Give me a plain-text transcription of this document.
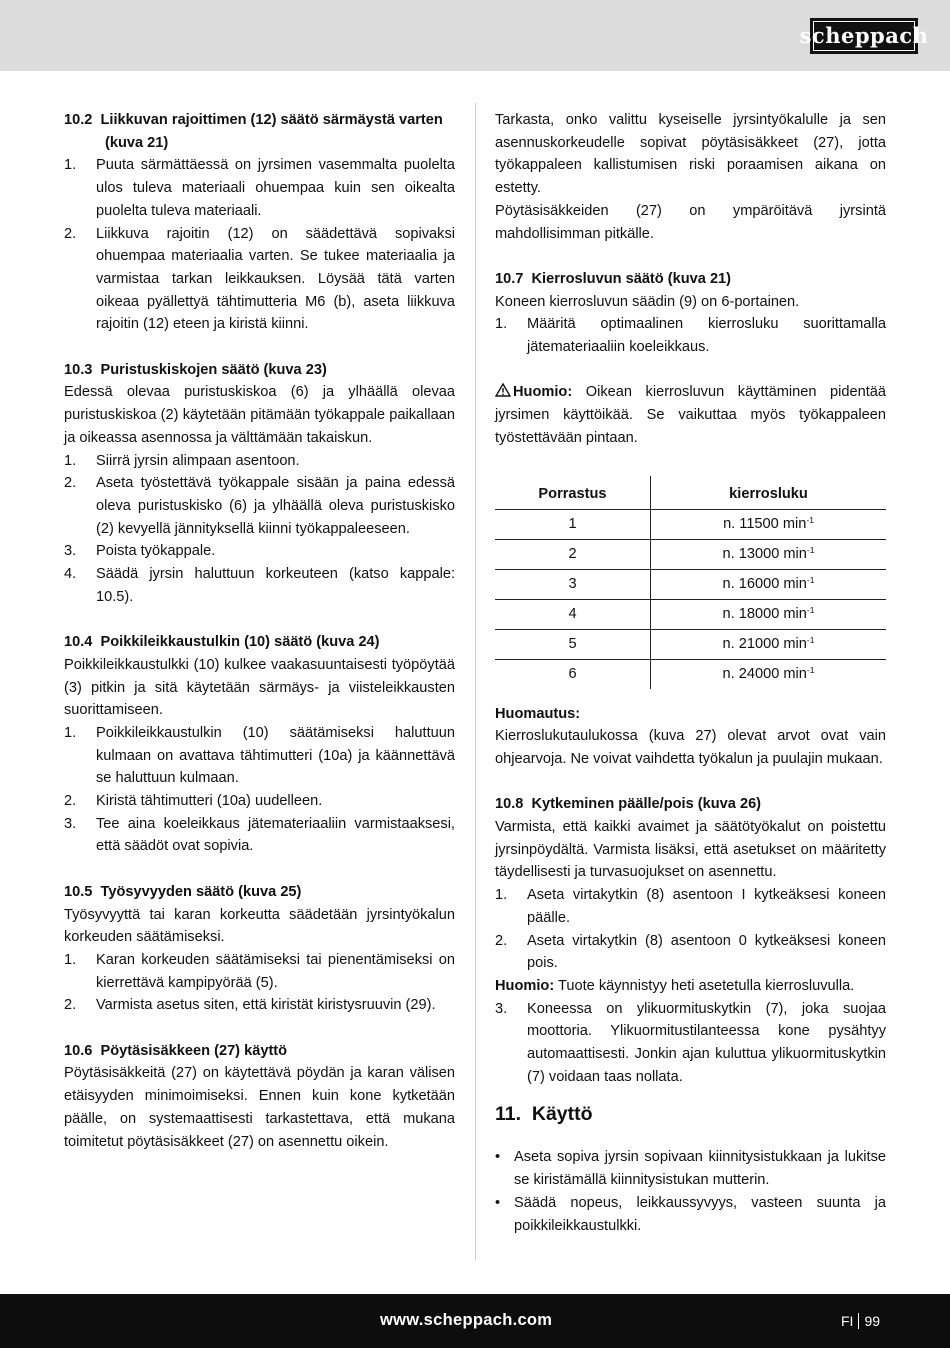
scheppach
10.2 Liikkuvan rajoittimen (12) säätö särmäystä varten (kuva 21)
1. Puuta särmättäessä on jyrsimen vasemmalta puolelta ulos tuleva materiaali ohuempaa kuin sen oikealta puolelta tuleva materiaali.
2. Liikkuva rajoitin (12) on säädettävä sopivaksi ohuempaa materiaalia varten. Se tukee materiaalia ja varmistaa tarkan leikkauksen. Löysää tätä varten oikeaa pyällettyä tähtimutteria M6 (b), aseta liikkuva rajoitin (12) eteen ja kiristä kiinni.
10.3 Puristuskiskojen säätö (kuva 23)

Edessä olevaa puristuskiskoa (6) ja ylhäällä olevaa puristuskiskoa (2) käytetään pitämään työkappale paikallaan ja oikeassa asennossa ja välttämään takaiskun.

1. Siirrä jyrsin alimpaan asentoon.
2. Aseta työstettävä työkappale sisään ja paina edessä oleva puristuskisko (6) ja ylhäällä oleva puristuskisko (2) kevyellä jännityksellä kiinni työkappaleeseen.
3. Poista työkappale.
4. Säädä jyrsin haluttuun korkeuteen (katso kappale: 10.5).
10.4 Poikkileikkaustulkin (10) säätö (kuva 24)

Poikkileikkaustulkki (10) kulkee vaakasuuntaisesti työpöytää (3) pitkin ja sitä käytetään särmäys- ja viisteleikkausten suorittamiseen.

1. Poikkileikkaustulkin (10) säätämiseksi haluttuun kulmaan on avattava tähtimutteri (10a) ja käännettävä se haluttuun kulmaan.
2. Kiristä tähtimutteri (10a) uudelleen.
3. Tee aina koeleikkaus jätemateriaaliin varmistaaksesi, että säädöt ovat sopivia.
10.5 Työsyvyyden säätö (kuva 25)

Työsyvyyttä tai karan korkeutta säädetään jyrsintyökalun korkeuden säätämiseksi.

1. Karan korkeuden säätämiseksi tai pienentämiseksi on kierrettävä kampipyörää (5).
2. Varmista asetus siten, että kiristät kiristysruuvin (29).
10.6 Pöytäsisäkkeen (27) käyttö

Pöytäsisäkkeitä (27) on käytettävä pöydän ja karan välisen etäisyyden minimoimiseksi. Ennen kuin kone kytketään päälle, on systemaattisesti tarkastettava, että mukana toimitetut pöytäsisäkkeet (27) on asennettu oikein.

Tarkasta, onko valittu kyseiselle jyrsintyökalulle ja sen asennuskorkeudelle sopivat pöytäsisäkkeet (27), jotta työkappaleen kallistumisen riski poraamisen aikana on estetty.

Pöytäsisäkkeiden (27) on ympäröitävä jyrsintä mahdollisimman pitkälle.

10.7 Kierrosluvun säätö (kuva 21)

Koneen kierrosluvun säädin (9) on 6-portainen.

1. Määritä optimaalinen kierrosluku suorittamalla jätemateriaaliin koeleikkaus.

Huomio: Oikean kierrosluvun käyttäminen pidentää jyrsimen käyttöikää. Se vaikuttaa myös työkappaleen työstettävään pintaan.

Porrastus	kierrosluku
1	n. 11500 $\min^{-1}$
2	n. 13000 $\min^{-1}$
3	n. 16000 $\min^{-1}$
4	n. 18000 $\min^{-1}$
5	n. 21000 $\min^{-1}$
6	n. 24000 $\min^{-1}$
Huomautus:

Kierroslukutaulukossa (kuva 27) olevat arvot ovat vain ohjearvoja. Ne voivat vaihdetta työkalun ja puulajin mukaan.

10.8 Kytkeminen päälle/pois (kuva 26)

Varmista, että kaikki avaimet ja säätötyökalut on poistettu jyrsinpöydältä. Varmista lisäksi, että asetukset on määritetty täydellisesti ja turvasuojukset on asennettu.

1. Aseta virtakytkin (8) asentoon I kytkeäksesi koneen päälle.
2. Aseta virtakytkin (8) asentoon 0 kytkeäksesi koneen pois.

Huomio: Tuote käynnistyy heti asetetulla kierrosluvulla.

3. Koneessa on ylikuormituskytkin (7), joka suojaa moottoria. Ylikuormitustilanteessa kone pysähtyy automaattisesti. Jonkin ajan kuluttua ylikuormituskytkin (7) voidaan taas nollata.
11.  Käyttö
• Aseta sopiva jyrsin sopivaan kiinnitysistukkaan ja lukitse se kiristämällä kiinnitysistukan mutterin.
• Säädä nopeus, leikkaussyvyys, vasteen suunta ja poikkileikkaustulkki.
www.scheppach.com	FI 99
